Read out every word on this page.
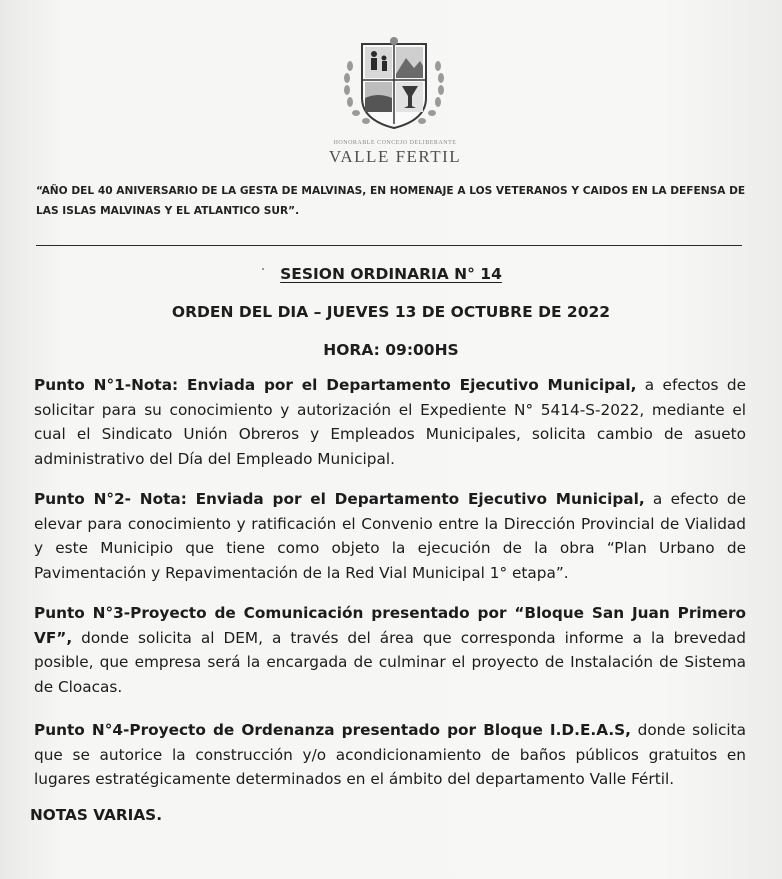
HONORABLE CONCEJO DELIBERANTE
VALLE FERTIL
“AÑO DEL 40 ANIVERSARIO DE LA GESTA DE MALVINAS, EN HOMENAJE A LOS VETERANOS Y CAIDOS EN LA DEFENSA DE LAS ISLAS MALVINAS Y EL ATLANTICO SUR”.
SESION ORDINARIA N° 14
ORDEN DEL DIA – JUEVES 13 DE OCTUBRE DE 2022
HORA: 09:00HS
Punto N°1-Nota: Enviada por el Departamento Ejecutivo Municipal, a efectos de solicitar para su conocimiento y autorización el Expediente N° 5414-S-2022, mediante el cual el Sindicato Unión Obreros y Empleados Municipales, solicita cambio de asueto administrativo del Día del Empleado Municipal.
Punto N°2- Nota: Enviada por el Departamento Ejecutivo Municipal, a efecto de elevar para conocimiento y ratificación el Convenio entre la Dirección Provincial de Vialidad y este Municipio que tiene como objeto la ejecución de la obra “Plan Urbano de Pavimentación y Repavimentación de la Red Vial Municipal 1° etapa”.
Punto N°3-Proyecto de Comunicación presentado por “Bloque San Juan Primero VF”, donde solicita al DEM, a través del área que corresponda informe a la brevedad posible, que empresa será la encargada de culminar el proyecto de Instalación de Sistema de Cloacas.
Punto N°4-Proyecto de Ordenanza presentado por Bloque I.D.E.A.S, donde solicita que se autorice la construcción y/o acondicionamiento de baños públicos gratuitos en lugares estratégicamente determinados en el ámbito del departamento Valle Fértil.
NOTAS VARIAS.
